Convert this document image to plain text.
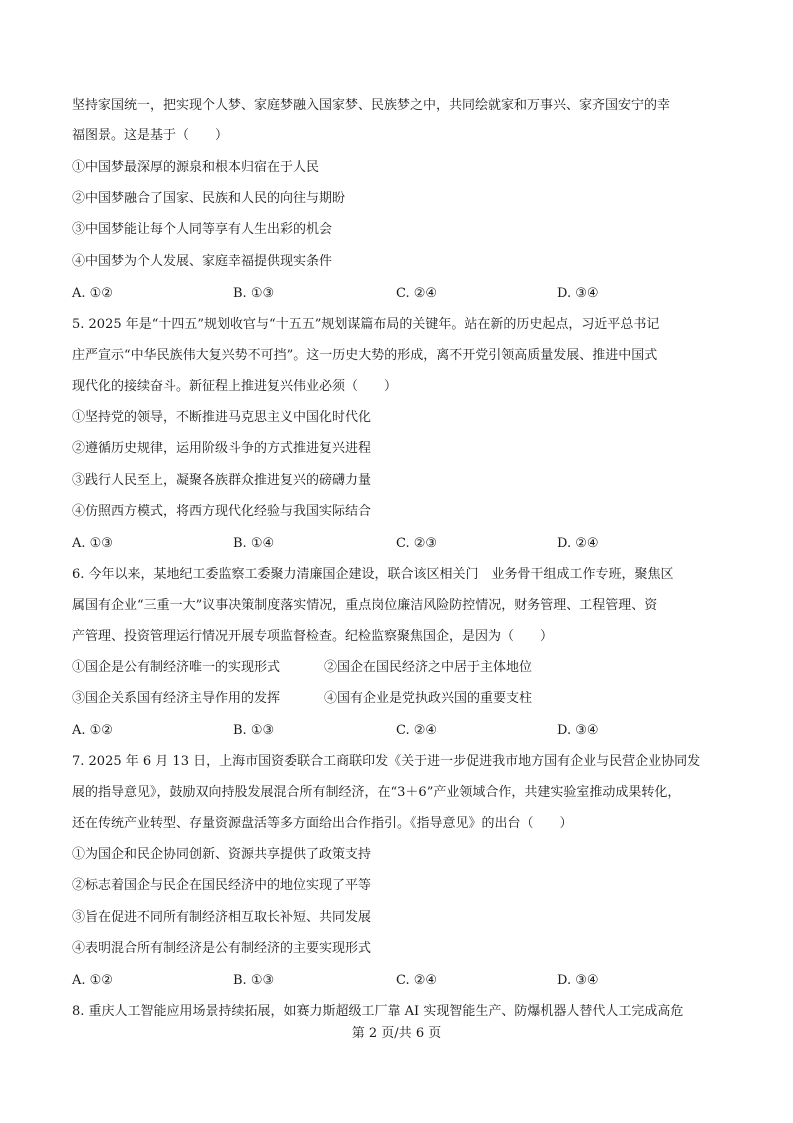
坚持家国统一，把实现个人梦、家庭梦融入国家梦、民族梦之中，共同绘就家和万事兴、家齐国安宁的幸
福图景。这是基于（　　）
①中国梦最深厚的源泉和根本归宿在于人民
②中国梦融合了国家、民族和人民的向往与期盼
③中国梦能让每个人同等享有人生出彩的机会
④中国梦为个人发展、家庭幸福提供现实条件
A. ①②	B. ①③	C. ②④	D. ③④
5. 2025 年是“十四五”规划收官与“十五五”规划谋篇布局的关键年。站在新的历史起点，习近平总书记
庄严宣示“中华民族伟大复兴势不可挡”。这一历史大势的形成，离不开党引领高质量发展、推进中国式
现代化的接续奋斗。新征程上推进复兴伟业必须（　　）
①坚持党的领导，不断推进马克思主义中国化时代化
②遵循历史规律，运用阶级斗争的方式推进复兴进程
③践行人民至上，凝聚各族群众推进复兴的磅礴力量
④仿照西方模式，将西方现代化经验与我国实际结合
A. ①③	B. ①④	C. ②③	D. ②④
6. 今年以来，某地纪工委监察工委聚力清廉国企建设，联合该区相关门　业务骨干组成工作专班，聚焦区
属国有企业“三重一大”议事决策制度落实情况，重点岗位廉洁风险防控情况，财务管理、工程管理、资
产管理、投资管理运行情况开展专项监督检查。纪检监察聚焦国企，是因为（　　）
①国企是公有制经济唯一的实现形式	②国企在国民经济之中居于主体地位
③国企关系国有经济主导作用的发挥	④国有企业是党执政兴国的重要支柱
A. ①②	B. ①③	C. ②④	D. ③④
7. 2025 年 6 月 13 日，上海市国资委联合工商联印发《关于进一步促进我市地方国有企业与民营企业协同发
展的指导意见》，鼓励双向持股发展混合所有制经济，在“3＋6”产业领域合作，共建实验室推动成果转化，
还在传统产业转型、存量资源盘活等多方面给出合作指引。《指导意见》的出台（　　）
①为国企和民企协同创新、资源共享提供了政策支持
②标志着国企与民企在国民经济中的地位实现了平等
③旨在促进不同所有制经济相互取长补短、共同发展
④表明混合所有制经济是公有制经济的主要实现形式
A. ①②	B. ①③	C. ②④	D. ③④
8. 重庆人工智能应用场景持续拓展，如赛力斯超级工厂靠 AI 实现智能生产、防爆机器人替代人工完成高危
第 2 页/共 6 页
